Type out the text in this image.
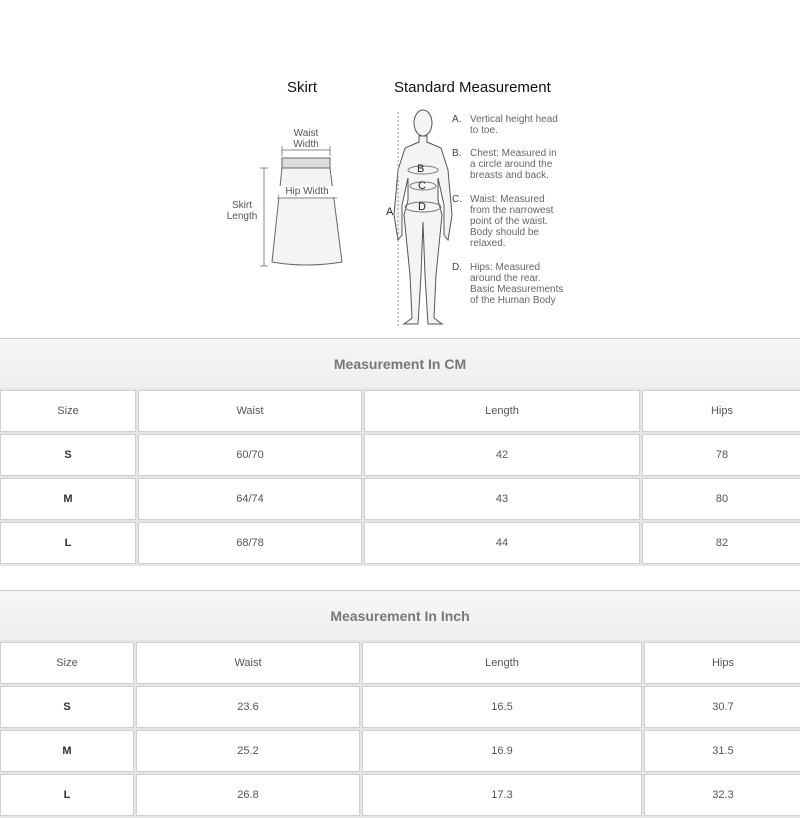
Skirt	Standard Measurement
Waist
Width
Hip Width
Skirt
Length	A
B
C
D
A. Vertical height head
to toe.
B. Chest: Measured in
a circle around the
breasts and back.
C. Waist: Measured
from the narrowest
point of the waist.
Body should be
relaxed.
D. Hips: Measured
around the rear.
Basic Measurements
of the Human Body
Measurement In CM
Size	Waist	Length	Hips
S	60/70	42	78
M	64/74	43	80
L	68/78	44	82
Measurement In Inch
Size	Waist	Length	Hips
S	23.6	16.5	30.7
M	25.2	16.9	31.5
L	26.8	17.3	32.3
